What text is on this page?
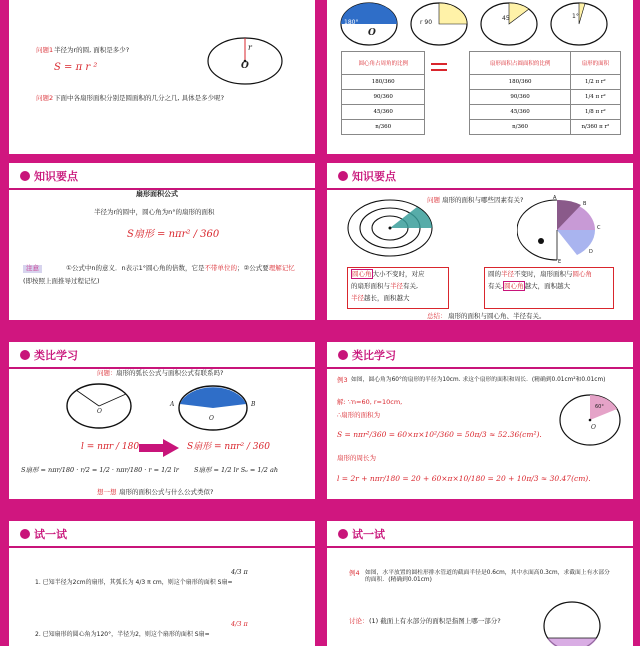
问题1 半径为r的圆, 面积是多少?
S = π r ²
问题2 下面中各扇形面积分别是圆面积的几分之几, 具体是多少呢?
r
O
180°	r 90
45	1°
O
圆心角占周角的比例		扇形面积占圆面积的比例	扇形的面积
180/360		180/360	1/2 π r²
90/360		90/360	1/4 π r²
45/360		45/360	1/8 π r²
n/360		n/360	n/360 π r²
知识要点
扇形面积公式
半径为r的圆中，圆心角为n°的扇形的面积
S扇形 = nπr² / 360
注意	①公式中n的意义．n表示1°圆心角的倍数，它是不带单位的；②公式要理解记忆
(即按照上面推导过程记忆)
知识要点
A
B
C
D
E
问题 扇形的面积与哪些因素有关?
圆心角大小不变时，对应
的扇形面积与半径有关,
半径越长，面积越大
圆的半径不变时，扇形面积与圆心角
有关,圆心角越大，面积越大
总结： 扇形的面积与圆心角、半径有关。
类比学习
问题： 扇形的弧长公式与面积公式有联系吗?
O
A	B
O
l = nπr / 180	S扇形 = nπr² / 360
S扇形 = nπr/180 · r/2 = 1/2 · nπr/180 · r = 1/2 lr S扇形 = 1/2 lr Sᵤ = 1/2 ah
想一想 扇形的面积公式与什么公式类似?
类比学习
例3 如图，圆心角为60°的扇形的半径为10cm. 求这个扇形的面积和周长．(精确到0.01cm²和0.01cm)
解: ∵n=60, r=10cm,
∴扇形的面积为
S = nπr²/360 = 60×π×10²/360 = 50π/3 ≈ 52.36(cm²).
扇形的周长为
l = 2r + nπr/180 = 20 + 60×π×10/180 = 20 + 10π/3 ≈ 30.47(cm).
60°
O
试一试
1. 已知半径为2cm的扇形，其弧长为 4/3 π cm，则这个扇形的面积 S扇=
4/3 π
2. 已知扇形的圆心角为120°，半径为2，则这个扇形的面积 S扇=
4/3 π
试一试
例4 如图，水平放置的圆柱形排水管道的截面半径是0.6cm，其中水面高0.3cm，求截面上有水部分的面积．(精确到0.01cm)
讨论： (1) 截面上有水部分的面积是指图上哪一部分?
